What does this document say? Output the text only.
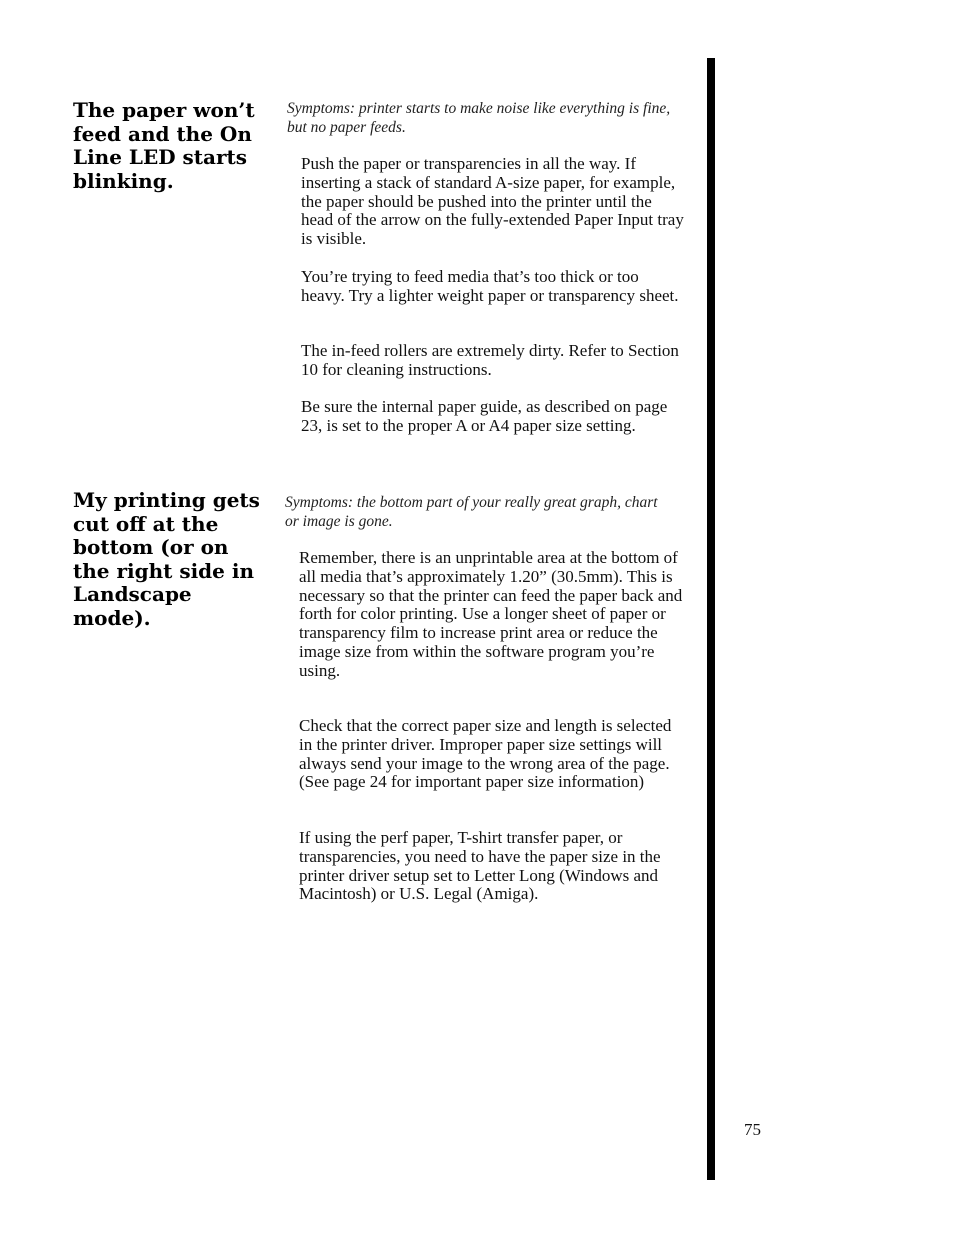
The paper won’t feed and the On Line LED starts blinking.

Symptoms: printer starts to make noise like everything is fine, but no paper feeds.

Push the paper or transparencies in all the way. If inserting a stack of standard A-size paper, for example, the paper should be pushed into the printer until the head of the arrow on the fully-extended Paper Input tray is visible.

You’re trying to feed media that’s too thick or too heavy. Try a lighter weight paper or transparency sheet.

The in-feed rollers are extremely dirty. Refer to Section 10 for cleaning instructions.

Be sure the internal paper guide, as described on page 23, is set to the proper A or A4 paper size setting.

My printing gets cut off at the bottom (or on the right side in Landscape mode).

Symptoms: the bottom part of your really great graph, chart or image is gone.

Remember, there is an unprintable area at the bottom of all media that’s approximately 1.20” (30.5mm). This is necessary so that the printer can feed the paper back and forth for color printing. Use a longer sheet of paper or transparency film to increase print area or reduce the image size from within the software program you’re using.

Check that the correct paper size and length is selected in the printer driver. Improper paper size settings will always send your image to the wrong area of the page. (See page 24 for important paper size information)

If using the perf paper, T-shirt transfer paper, or transparencies, you need to have the paper size in the printer driver setup set to Letter Long (Windows and Macintosh) or U.S. Legal (Amiga).

75
